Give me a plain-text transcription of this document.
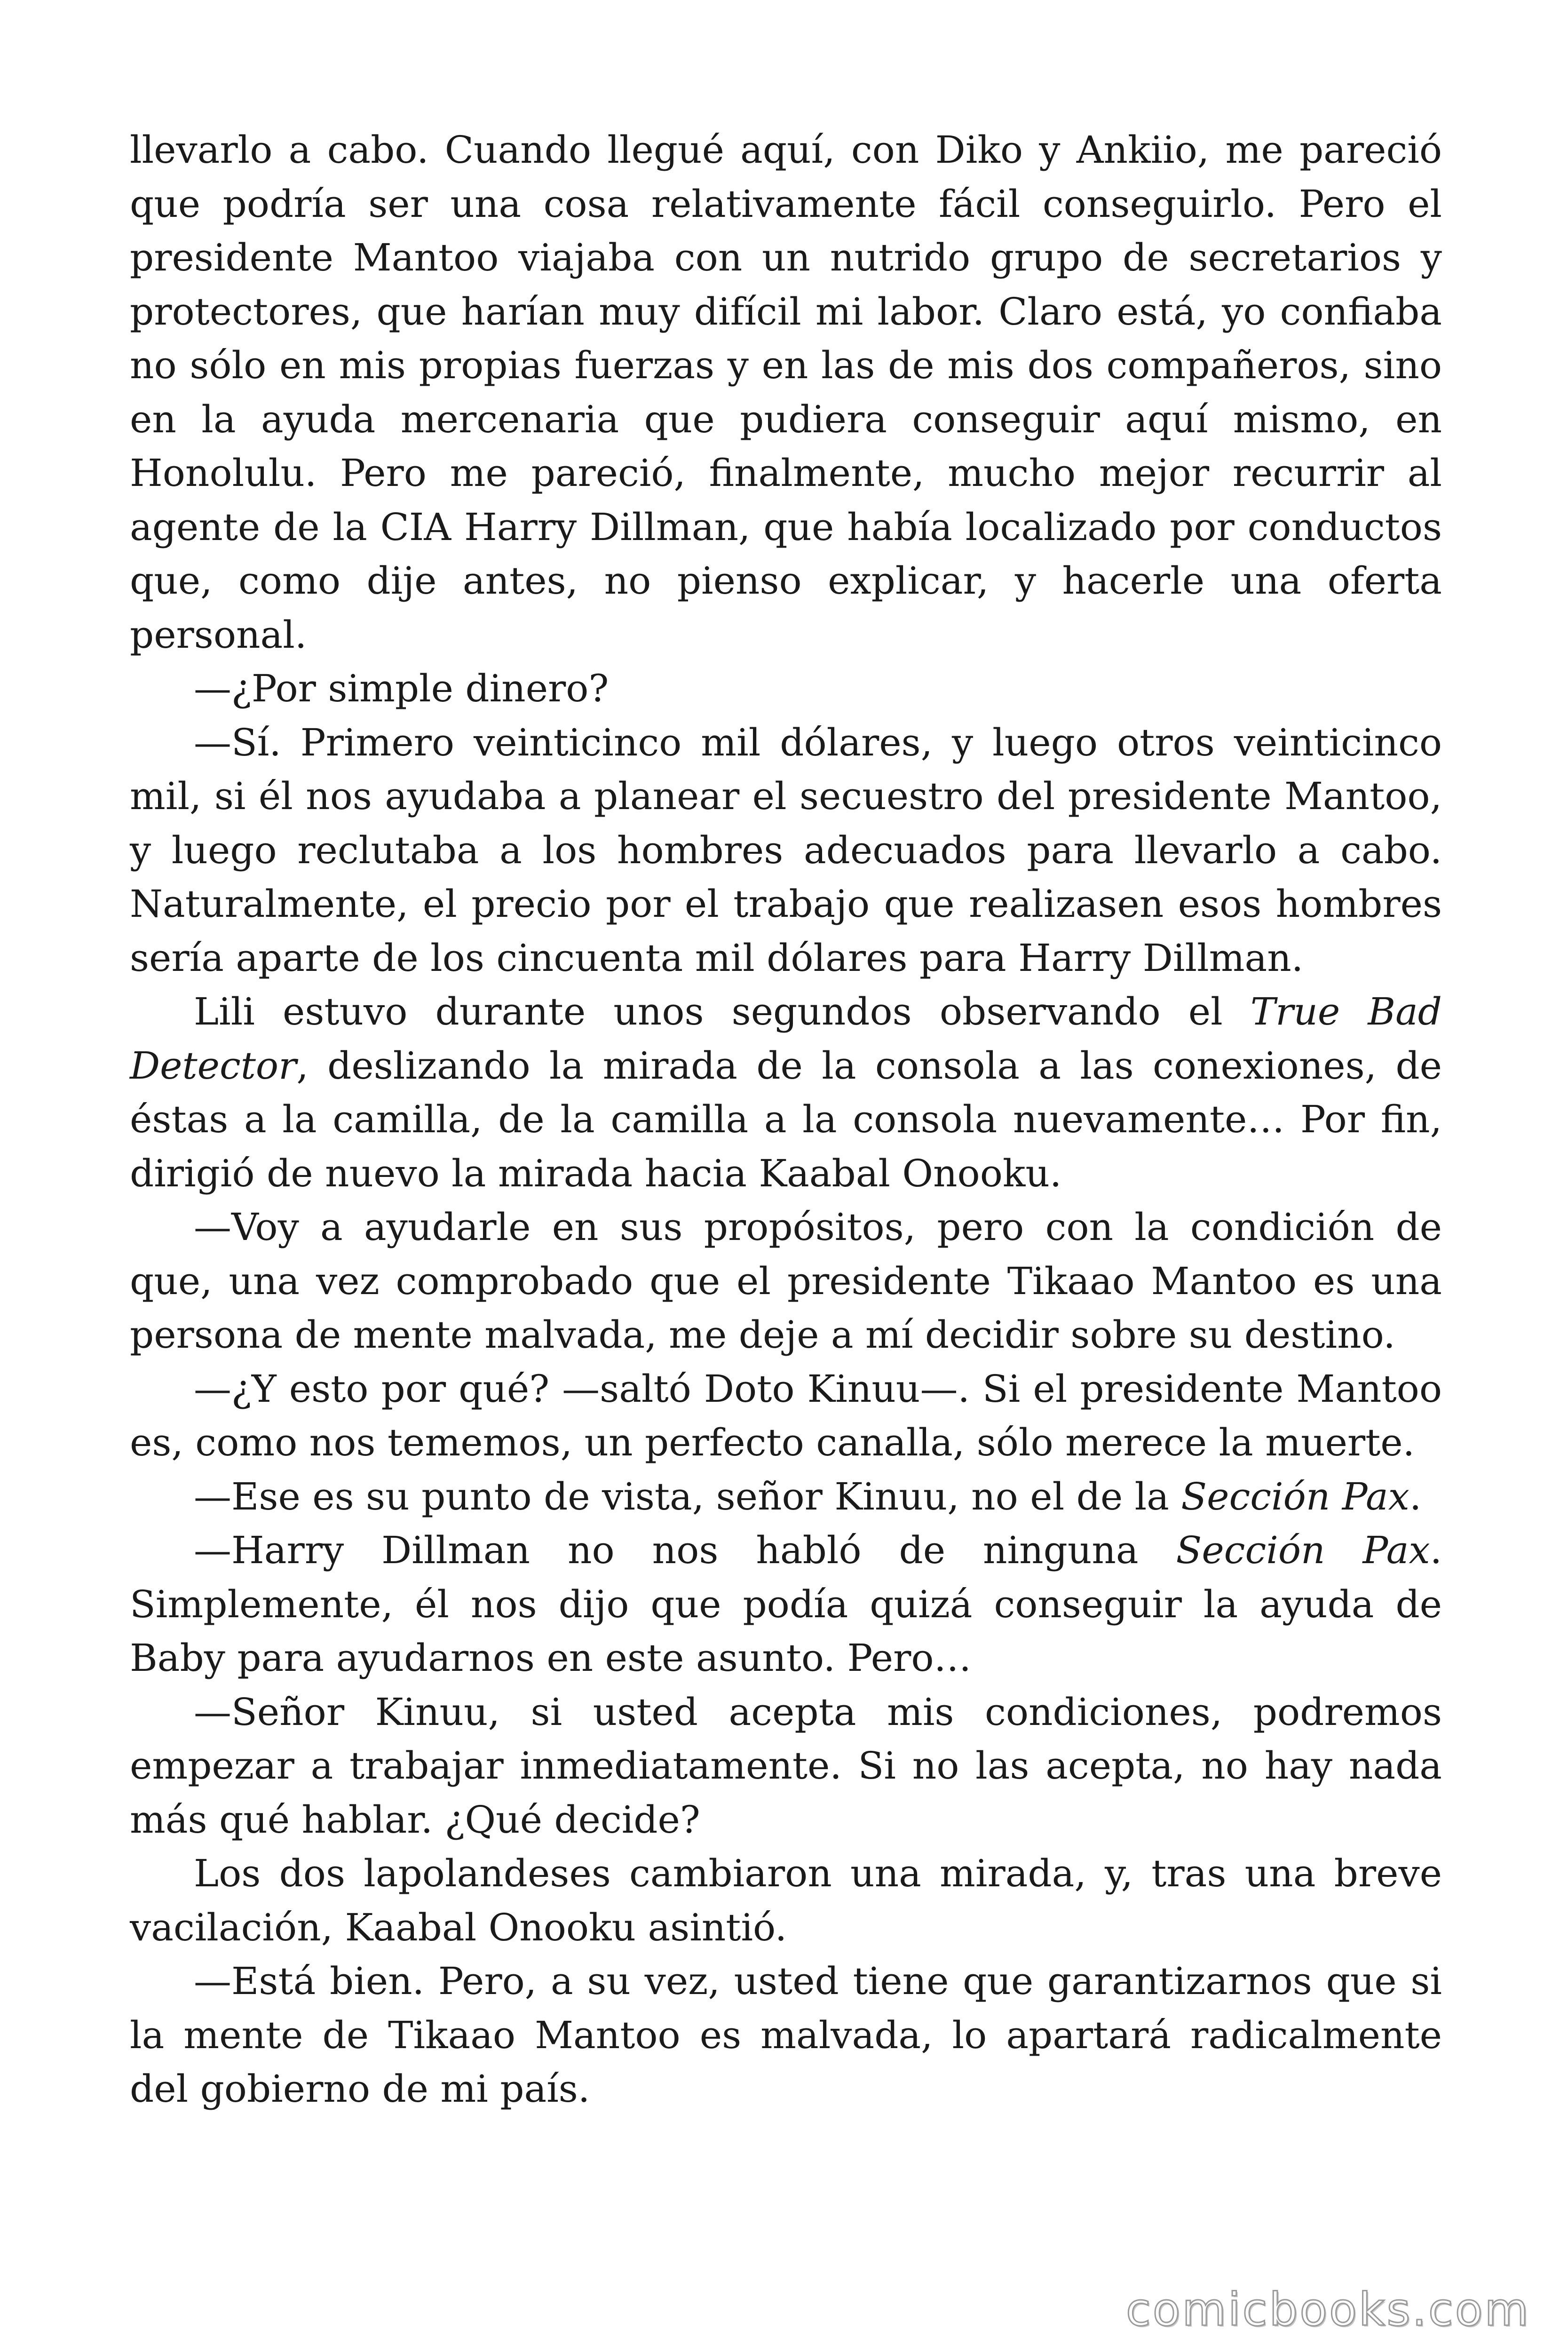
llevarlo a cabo. Cuando llegué aquí, con Diko y Ankiio, me pareció que podría ser una cosa relativamente fácil conseguirlo. Pero el presidente Mantoo viajaba con un nutrido grupo de secretarios y protectores, que harían muy difícil mi labor. Claro está, yo confiaba no sólo en mis propias fuerzas y en las de mis dos compañeros, sino en la ayuda mercenaria que pudiera conseguir aquí mismo, en Honolulu. Pero me pareció, finalmente, mucho mejor recurrir al agente de la CIA Harry Dillman, que había localizado por conductos que, como dije antes, no pienso explicar, y hacerle una oferta personal.

—¿Por simple dinero?

—Sí. Primero veinticinco mil dólares, y luego otros veinticinco mil, si él nos ayudaba a planear el secuestro del presidente Mantoo, y luego reclutaba a los hombres adecuados para llevarlo a cabo. Naturalmente, el precio por el trabajo que realizasen esos hombres sería aparte de los cincuenta mil dólares para Harry Dillman.

Lili estuvo durante unos segundos observando el True Bad Detector, deslizando la mirada de la consola a las conexiones, de éstas a la camilla, de la camilla a la consola nuevamente… Por fin, dirigió de nuevo la mirada hacia Kaabal Onooku.

—Voy a ayudarle en sus propósitos, pero con la condición de que, una vez comprobado que el presidente Tikaao Mantoo es una persona de mente malvada, me deje a mí decidir sobre su destino.

—¿Y esto por qué? —saltó Doto Kinuu—. Si el presidente Mantoo es, como nos tememos, un perfecto canalla, sólo merece la muerte.

—Ese es su punto de vista, señor Kinuu, no el de la Sección Pax.

—Harry Dillman no nos habló de ninguna Sección Pax. Simplemente, él nos dijo que podía quizá conseguir la ayuda de Baby para ayudarnos en este asunto. Pero…

—Señor Kinuu, si usted acepta mis condiciones, podremos empezar a trabajar inmediatamente. Si no las acepta, no hay nada más qué hablar. ¿Qué decide?

Los dos lapolandeses cambiaron una mirada, y, tras una breve vacilación, Kaabal Onooku asintió.

—Está bien. Pero, a su vez, usted tiene que garantizarnos que si la mente de Tikaao Mantoo es malvada, lo apartará radicalmente del gobierno de mi país.

comicbooks.com
